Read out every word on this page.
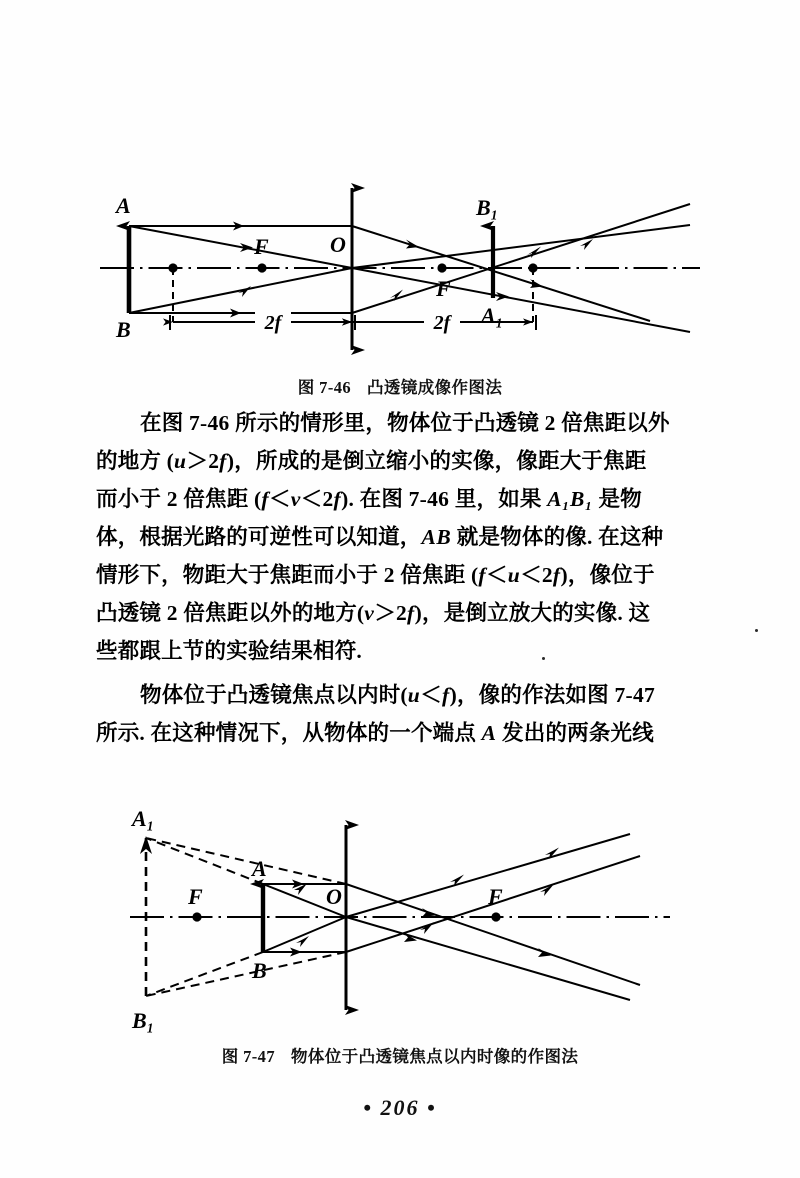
2f	2f
A
B
O
F
F
B₁
A₁
图 7-46 凸透镜成像作图法
在图 7-46 所示的情形里，物体位于凸透镜 2 倍焦距以外
的地方 (u＞2f)，所成的是倒立缩小的实像，像距大于焦距
而小于 2 倍焦距 (f＜v＜2f). 在图 7-46 里，如果 A₁B₁ 是物
体，根据光路的可逆性可以知道，AB 就是物体的像. 在这种
情形下，物距大于焦距而小于 2 倍焦距 (f＜u＜2f)，像位于
凸透镜 2 倍焦距以外的地方(v＞2f)，是倒立放大的实像. 这
些都跟上节的实验结果相符.
物体位于凸透镜焦点以内时(u＜f)，像的作法如图 7-47
所示. 在这种情况下，从物体的一个端点 A 发出的两条光线
A₁
B₁
A
B
O
F	F
图 7-47 物体位于凸透镜焦点以内时像的作图法
• 206 •
